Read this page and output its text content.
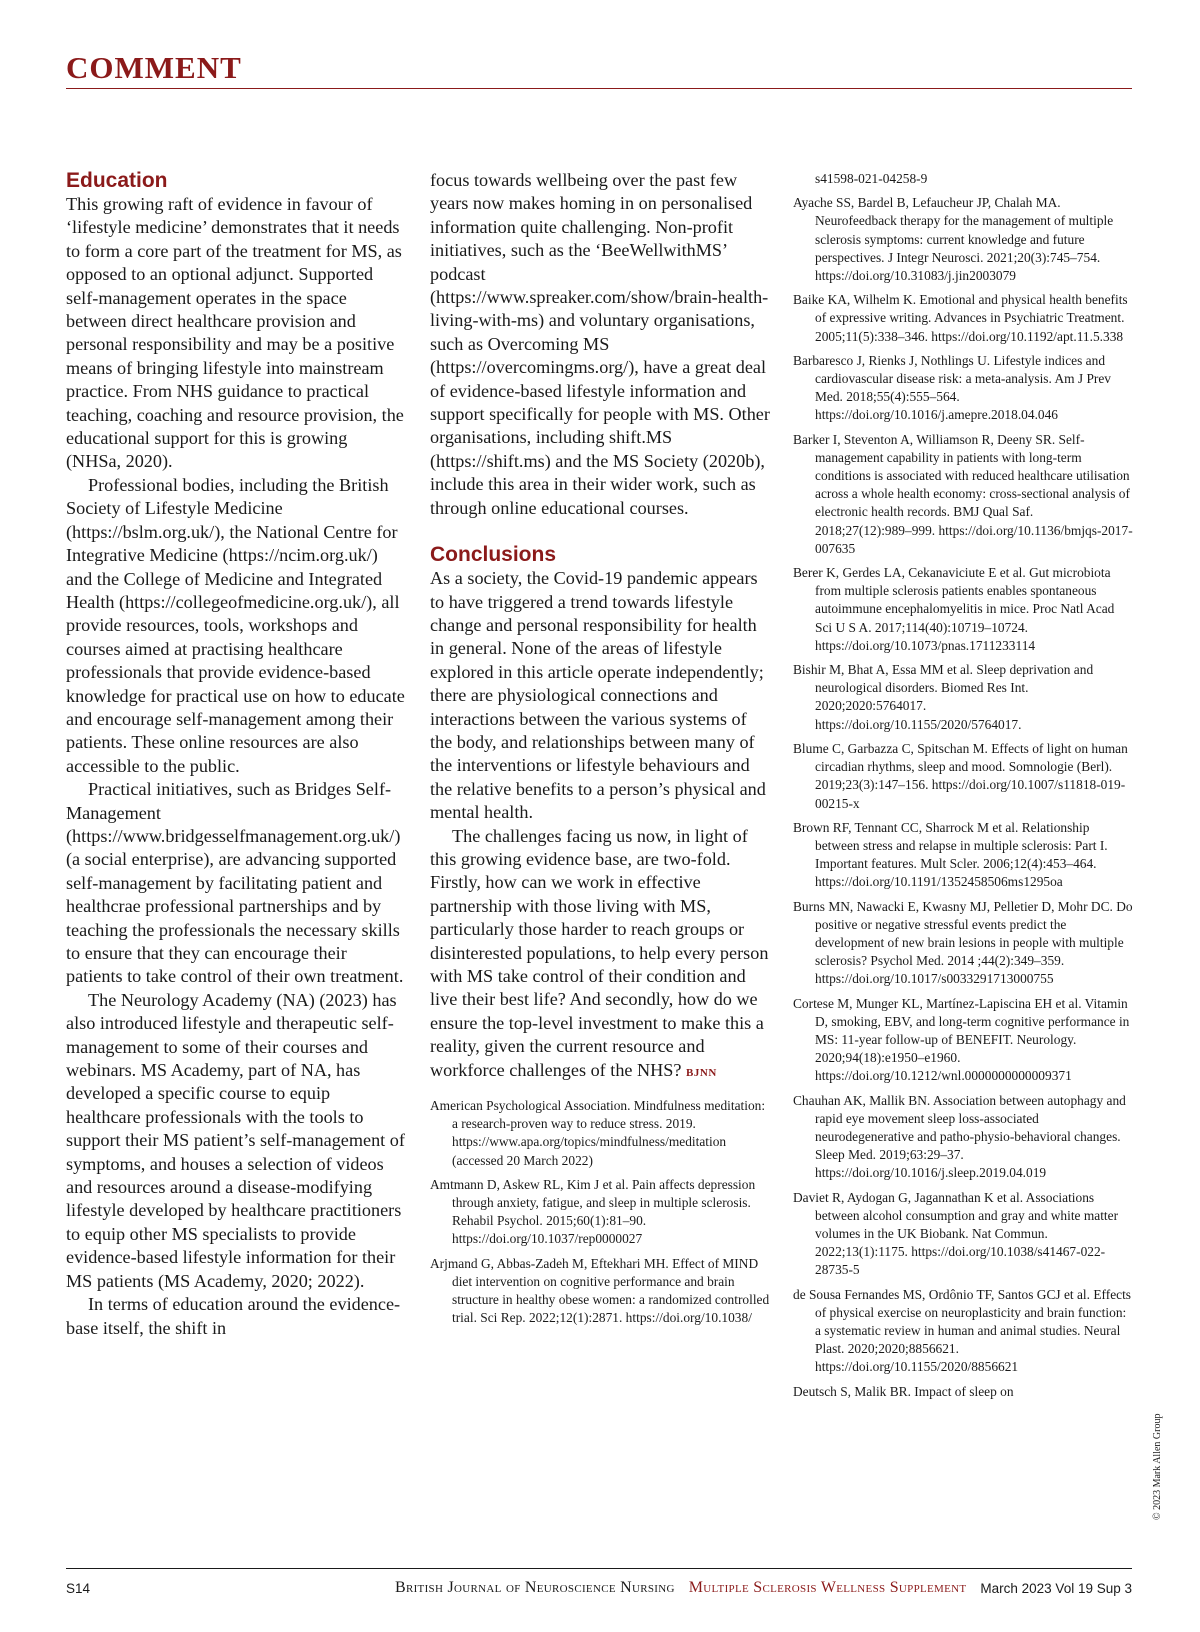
COMMENT
Education

This growing raft of evidence in favour of ‘lifestyle medicine’ demonstrates that it needs to form a core part of the treatment for MS, as opposed to an optional adjunct. Supported self-management operates in the space between direct healthcare provision and personal responsibility and may be a positive means of bringing lifestyle into mainstream practice. From NHS guidance to practical teaching, coaching and resource provision, the educational support for this is growing (NHSa, 2020).

Professional bodies, including the British Society of Lifestyle Medicine (https://bslm.org.uk/), the National Centre for Integrative Medicine (https://ncim.org.uk/) and the College of Medicine and Integrated Health (https://collegeofmedicine.org.uk/), all provide resources, tools, workshops and courses aimed at practising healthcare professionals that provide evidence-based knowledge for practical use on how to educate and encourage self-management among their patients. These online resources are also accessible to the public.

Practical initiatives, such as Bridges Self-Management (https://www.bridgesselfmanagement.org.uk/) (a social enterprise), are advancing supported self-management by facilitating patient and healthcrae professional partnerships and by teaching the professionals the necessary skills to ensure that they can encourage their patients to take control of their own treatment.

The Neurology Academy (NA) (2023) has also introduced lifestyle and therapeutic self-management to some of their courses and webinars. MS Academy, part of NA, has developed a specific course to equip healthcare professionals with the tools to support their MS patient’s self-management of symptoms, and houses a selection of videos and resources around a disease-modifying lifestyle developed by healthcare practitioners to equip other MS specialists to provide evidence-based lifestyle information for their MS patients (MS Academy, 2020; 2022).

In terms of education around the evidence-base itself, the shift in

focus towards wellbeing over the past few years now makes homing in on personalised information quite challenging. Non-profit initiatives, such as the ‘BeeWellwithMS’ podcast (https://www.spreaker.com/show/brain-health-living-with-ms) and voluntary organisations, such as Overcoming MS (https://overcomingms.org/), have a great deal of evidence-based lifestyle information and support specifically for people with MS. Other organisations, including shift.MS (https://shift.ms) and the MS Society (2020b), include this area in their wider work, such as through online educational courses.

Conclusions

As a society, the Covid-19 pandemic appears to have triggered a trend towards lifestyle change and personal responsibility for health in general. None of the areas of lifestyle explored in this article operate independently; there are physiological connections and interactions between the various systems of the body, and relationships between many of the interventions or lifestyle behaviours and the relative benefits to a person’s physical and mental health.

The challenges facing us now, in light of this growing evidence base, are two-fold. Firstly, how can we work in effective partnership with those living with MS, particularly those harder to reach groups or disinterested populations, to help every person with MS take control of their condition and live their best life? And secondly, how do we ensure the top-level investment to make this a reality, given the current resource and workforce challenges of the NHS? BJNN

American Psychological Association. Mindfulness meditation: a research-proven way to reduce stress. 2019. https://www.apa.org/topics/mindfulness/meditation (accessed 20 March 2022)
Amtmann D, Askew RL, Kim J et al. Pain affects depression through anxiety, fatigue, and sleep in multiple sclerosis. Rehabil Psychol. 2015;60(1):81–90. https://doi.org/10.1037/rep0000027
Arjmand G, Abbas-Zadeh M, Eftekhari MH. Effect of MIND diet intervention on cognitive performance and brain structure in healthy obese women: a randomized controlled trial. Sci Rep. 2022;12(1):2871. https://doi.org/10.1038/
s41598-021-04258-9
Ayache SS, Bardel B, Lefaucheur JP, Chalah MA. Neurofeedback therapy for the management of multiple sclerosis symptoms: current knowledge and future perspectives. J Integr Neurosci. 2021;20(3):745–754. https://doi.org/10.31083/j.jin2003079
Baike KA, Wilhelm K. Emotional and physical health benefits of expressive writing. Advances in Psychiatric Treatment. 2005;11(5):338–346. https://doi.org/10.1192/apt.11.5.338
Barbaresco J, Rienks J, Nothlings U. Lifestyle indices and cardiovascular disease risk: a meta-analysis. Am J Prev Med. 2018;55(4):555–564. https://doi.org/10.1016/j.amepre.2018.04.046
Barker I, Steventon A, Williamson R, Deeny SR. Self-management capability in patients with long-term conditions is associated with reduced healthcare utilisation across a whole health economy: cross-sectional analysis of electronic health records. BMJ Qual Saf. 2018;27(12):989–999. https://doi.org/10.1136/bmjqs-2017-007635
Berer K, Gerdes LA, Cekanaviciute E et al. Gut microbiota from multiple sclerosis patients enables spontaneous autoimmune encephalomyelitis in mice. Proc Natl Acad Sci U S A. 2017;114(40):10719–10724. https://doi.org/10.1073/pnas.1711233114
Bishir M, Bhat A, Essa MM et al. Sleep deprivation and neurological disorders. Biomed Res Int. 2020;2020:5764017. https://doi.org/10.1155/2020/5764017.
Blume C, Garbazza C, Spitschan M. Effects of light on human circadian rhythms, sleep and mood. Somnologie (Berl). 2019;23(3):147–156. https://doi.org/10.1007/s11818-019-00215-x
Brown RF, Tennant CC, Sharrock M et al. Relationship between stress and relapse in multiple sclerosis: Part I. Important features. Mult Scler. 2006;12(4):453–464. https://doi.org/10.1191/1352458506ms1295oa
Burns MN, Nawacki E, Kwasny MJ, Pelletier D, Mohr DC. Do positive or negative stressful events predict the development of new brain lesions in people with multiple sclerosis? Psychol Med. 2014 ;44(2):349–359. https://doi.org/10.1017/s0033291713000755
Cortese M, Munger KL, Martínez-Lapiscina EH et al. Vitamin D, smoking, EBV, and long-term cognitive performance in MS: 11-year follow-up of BENEFIT. Neurology. 2020;94(18):e1950–e1960. https://doi.org/10.1212/wnl.0000000000009371
Chauhan AK, Mallik BN. Association between autophagy and rapid eye movement sleep loss-associated neurodegenerative and patho-physio-behavioral changes. Sleep Med. 2019;63:29–37. https://doi.org/10.1016/j.sleep.2019.04.019
Daviet R, Aydogan G, Jagannathan K et al. Associations between alcohol consumption and gray and white matter volumes in the UK Biobank. Nat Commun. 2022;13(1):1175. https://doi.org/10.1038/s41467-022-28735-5
de Sousa Fernandes MS, Ordônio TF, Santos GCJ et al. Effects of physical exercise on neuroplasticity and brain function: a systematic review in human and animal studies. Neural Plast. 2020;2020;8856621. https://doi.org/10.1155/2020/8856621
Deutsch S, Malik BR. Impact of sleep on
© 2023 Mark Allen Group
S14	British Journal of Neuroscience Nursing Multiple Sclerosis Wellness Supplement March 2023 Vol 19 Sup 3
